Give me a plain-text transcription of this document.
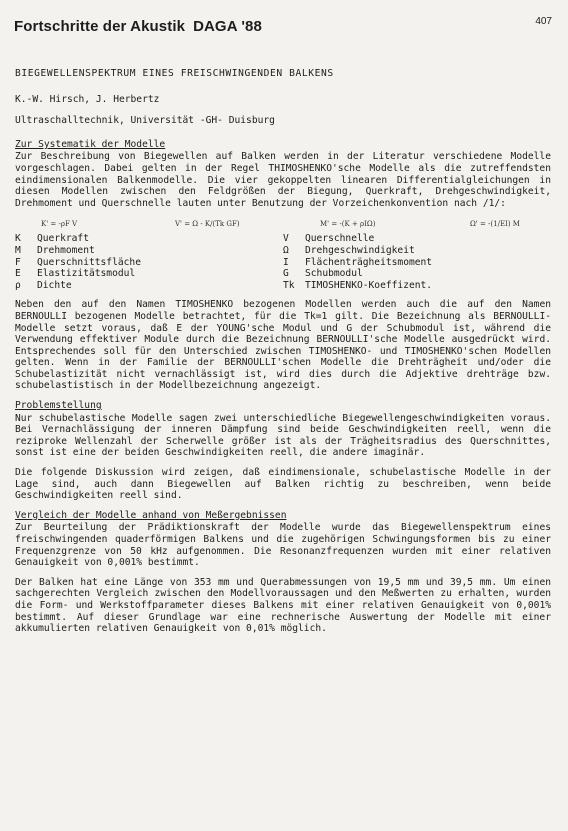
Fortschritte der Akustik DAGA '88	407
BIEGEWELLENSPEKTRUM EINES FREISCHWINGENDEN BALKENS
K.-W. Hirsch, J. Herbertz
Ultraschalltechnik, Universität -GH- Duisburg
Zur Systematik der Modelle

Zur Beschreibung von Biegewellen auf Balken werden in der Literatur verschiedene Modelle vorgeschlagen. Dabei gelten in der Regel THIMOSHENKO'sche Modelle als die zutreffendsten eindimensionalen Balkenmodelle. Die vier gekoppelten linearen Differentialgleichungen in diesen Modellen zwischen den Feldgrößen der Biegung, Querkraft, Drehgeschwindigkeit, Drehmoment und Querschnelle lauten unter Benutzung der Vorzeichenkonvention nach /1/:

K' = -ρF V	V' = Ω - K/(Tk GF)	M' = -(K + ρIΩ)	Ω' = -(1/EI) M
K	Querkraft
M	Drehmoment
F	Querschnittsfläche
E	Elastizitätsmodul
ρ	Dichte
V	Querschnelle
Ω	Drehgeschwindigkeit
I	Flächenträgheitsmoment
G	Schubmodul
Tk	TIMOSHENKO-Koeffizent.

Neben den auf den Namen TIMOSHENKO bezogenen Modellen werden auch die auf den Namen BERNOULLI bezogenen Modelle betrachtet, für die Tk=1 gilt. Die Bezeichnung als BERNOULLI-Modelle setzt voraus, daß E der YOUNG'sche Modul und G der Schubmodul ist, während die Verwendung effektiver Module durch die Bezeichnung BERNOULLI'sche Modelle ausgedrückt wird. Entsprechendes soll für den Unterschied zwischen TIMOSHENKO- und TIMOSHENKO'schen Modellen gelten. Wenn in der Familie der BERNOULLI'schen Modelle die Drehträgheit und/oder die Schubelastizität nicht vernachlässigt ist, wird dies durch die Adjektive drehträge bzw. schubelastistisch in der Modellbezeichnung angezeigt.

Problemstellung

Nur schubelastische Modelle sagen zwei unterschiedliche Biegewellengeschwindigkeiten voraus. Bei Vernachlässigung der inneren Dämpfung sind beide Geschwindigkeiten reell, wenn die reziproke Wellenzahl der Scherwelle größer ist als der Trägheitsradius des Querschnittes, sonst ist eine der beiden Geschwindigkeiten reell, die andere imaginär.

Die folgende Diskussion wird zeigen, daß eindimensionale, schubelastische Modelle in der Lage sind, auch dann Biegewellen auf Balken richtig zu beschreiben, wenn beide Geschwindigkeiten reell sind.

Vergleich der Modelle anhand von Meßergebnissen

Zur Beurteilung der Prädiktionskraft der Modelle wurde das Biegewellenspektrum eines freischwingenden quaderförmigen Balkens und die zugehörigen Schwingungsformen bis zu einer Frequenzgrenze von 50 kHz aufgenommen. Die Resonanzfrequenzen wurden mit einer relativen Genauigkeit von 0,001% bestimmt.

Der Balken hat eine Länge von 353 mm und Querabmessungen von 19,5 mm und 39,5 mm. Um einen sachgerechten Vergleich zwischen den Modellvoraussagen und den Meßwerten zu erhalten, wurden die Form- und Werkstoffparameter dieses Balkens mit einer relativen Genauigkeit von 0,001% bestimmt. Auf dieser Grundlage war eine rechnerische Auswertung der Modelle mit einer akkumulierten relativen Genauigkeit von 0,01% möglich.
